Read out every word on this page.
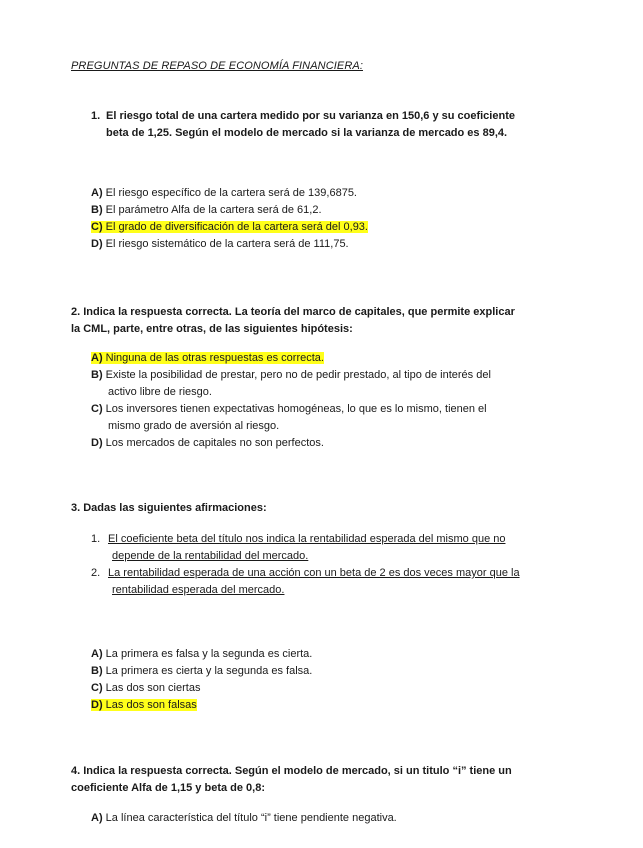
PREGUNTAS DE REPASO DE ECONOMÍA FINANCIERA:
1. El riesgo total de una cartera medido por su varianza en 150,6 y su coeficiente
beta de 1,25. Según el modelo de mercado si la varianza de mercado es 89,4.
A) El riesgo específico de la cartera será de 139,6875.
B) El parámetro Alfa de la cartera será de 61,2.
C) El grado de diversificación de la cartera será del 0,93.
D) El riesgo sistemático de la cartera será de 111,75.
2. Indica la respuesta correcta. La teoría del marco de capitales, que permite explicar
la CML, parte, entre otras, de las siguientes hipótesis:
A) Ninguna de las otras respuestas es correcta.
B) Existe la posibilidad de prestar, pero no de pedir prestado, al tipo de interés del
activo libre de riesgo.
C) Los inversores tienen expectativas homogéneas, lo que es lo mismo, tienen el
mismo grado de aversión al riesgo.
D) Los mercados de capitales no son perfectos.
3. Dadas las siguientes afirmaciones:
1. El coeficiente beta del título nos indica la rentabilidad esperada del mismo que no
depende de la rentabilidad del mercado.
2. La rentabilidad esperada de una acción con un beta de 2 es dos veces mayor que la
rentabilidad esperada del mercado.
A) La primera es falsa y la segunda es cierta.
B) La primera es cierta y la segunda es falsa.
C) Las dos son ciertas
D) Las dos son falsas
4. Indica la respuesta correcta. Según el modelo de mercado, si un titulo “i” tiene un
coeficiente Alfa de 1,15 y beta de 0,8:
A) La línea característica del título “i” tiene pendiente negativa.
